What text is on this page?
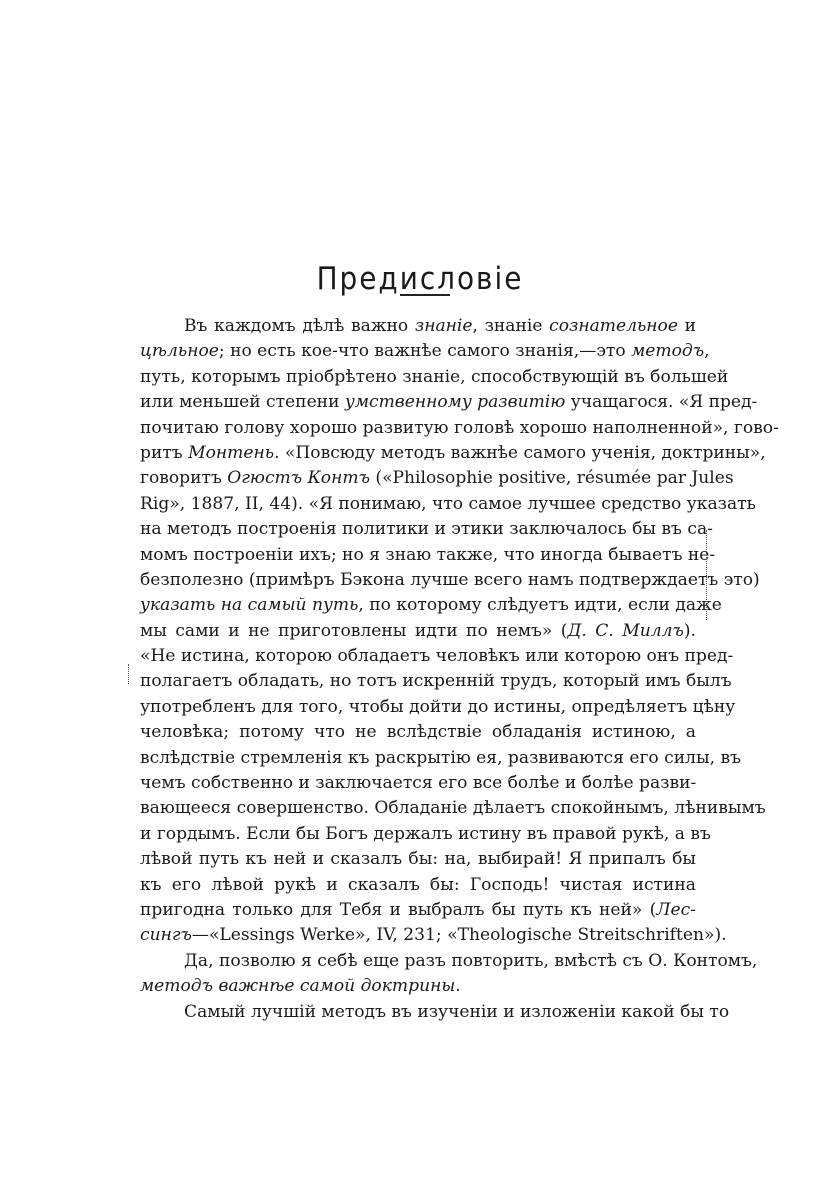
Предисловіе
Въ каждомъ дѣлѣ важно знаніе, знаніе сознательное и
цѣльное; но есть кое-что важнѣе самого знанія,—это методъ,
путь, которымъ пріобрѣтено знаніе, способствующій въ большей
или меньшей степени умственному развитію учащагося. «Я пред-
почитаю голову хорошо развитую головѣ хорошо наполненной», гово-
ритъ Монтень. «Повсюду методъ важнѣе самого ученія, доктрины»,
говоритъ Огюстъ Контъ («Philosophie positive, résumée par Jules
Rig», 1887, II, 44). «Я понимаю, что самое лучшее средство указать
на методъ построенія политики и этики заключалось бы въ са-
момъ построеніи ихъ; но я знаю также, что иногда бываетъ не-
безполезно (примѣръ Бэкона лучше всего намъ подтверждаетъ это)
указать на самый путь, по которому слѣдуетъ идти, если даже
мы сами и не приготовлены идти по немъ» (Д. С. Миллъ).
«Не истина, которою обладаетъ человѣкъ или которою онъ пред-
полагаетъ обладать, но тотъ искренній трудъ, который имъ былъ
употребленъ для того, чтобы дойти до истины, опредѣляетъ цѣну
человѣка; потому что не вслѣдствіе обладанія истиною, а
вслѣдствіе стремленія къ раскрытію ея, развиваются его силы, въ
чемъ собственно и заключается его все болѣе и болѣе разви-
вающееся совершенство. Обладаніе дѣлаетъ спокойнымъ, лѣнивымъ
и гордымъ. Если бы Богъ держалъ истину въ правой рукѣ, а въ
лѣвой путь къ ней и сказалъ бы: на, выбирай! Я припалъ бы
къ его лѣвой рукѣ и сказалъ бы: Господь! чистая истина
пригодна только для Тебя и выбралъ бы путь къ ней» (Лес-
сингъ—«Lessings Werke», IV, 231; «Theologische Streitschriften»).
Да, позволю я себѣ еще разъ повторить, вмѣстѣ съ О. Контомъ,
методъ важнѣе самой доктрины.
Самый лучшій методъ въ изученіи и изложеніи какой бы то
